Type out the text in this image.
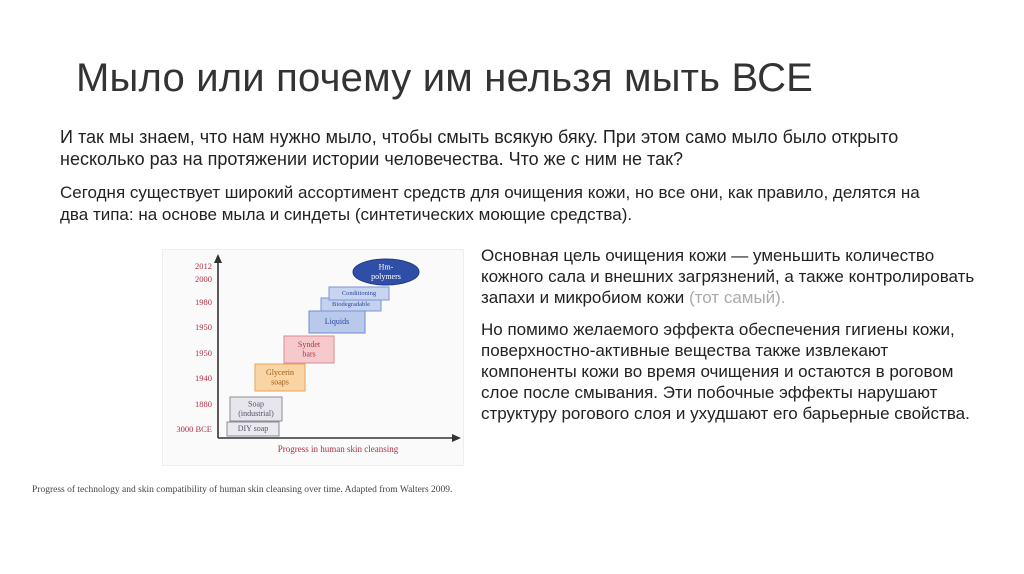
Мыло или почему им нельзя мыть ВСЕ

И так мы знаем, что нам нужно мыло, чтобы смыть всякую бяку. При этом само мыло было открыто несколько раз на протяжении истории человечества. Что же с ним не так?

Сегодня существует широкий ассортимент средств для очищения кожи, но все они, как правило, делятся на два типа: на основе мыла и синдеты (синтетических моющие средства).

Основная цель очищения кожи — уменьшить количество кожного сала и внешних загрязнений, а также контролировать запахи и микробиом кожи (тот самый).

Но помимо желаемого эффекта обеспечения гигиены кожи, поверхностно-активные вещества также извлекают компоненты кожи во время очищения и остаются в роговом слое после смывания. Эти побочные эффекты нарушают структуру рогового слоя и ухудшают его барьерные свойства.

2012
2000
1980
1950
1950
1940
1880
3000 BCE	DIY soap
Soap
(industrial)
Glycerin
soaps
Syndet
bars
Liquids
Biodegradable
Conditioning
Hm-
polymers
Progress in human skin cleansing
Progress of technology and skin compatibility of human skin cleansing over time. Adapted from Walters 2009.
